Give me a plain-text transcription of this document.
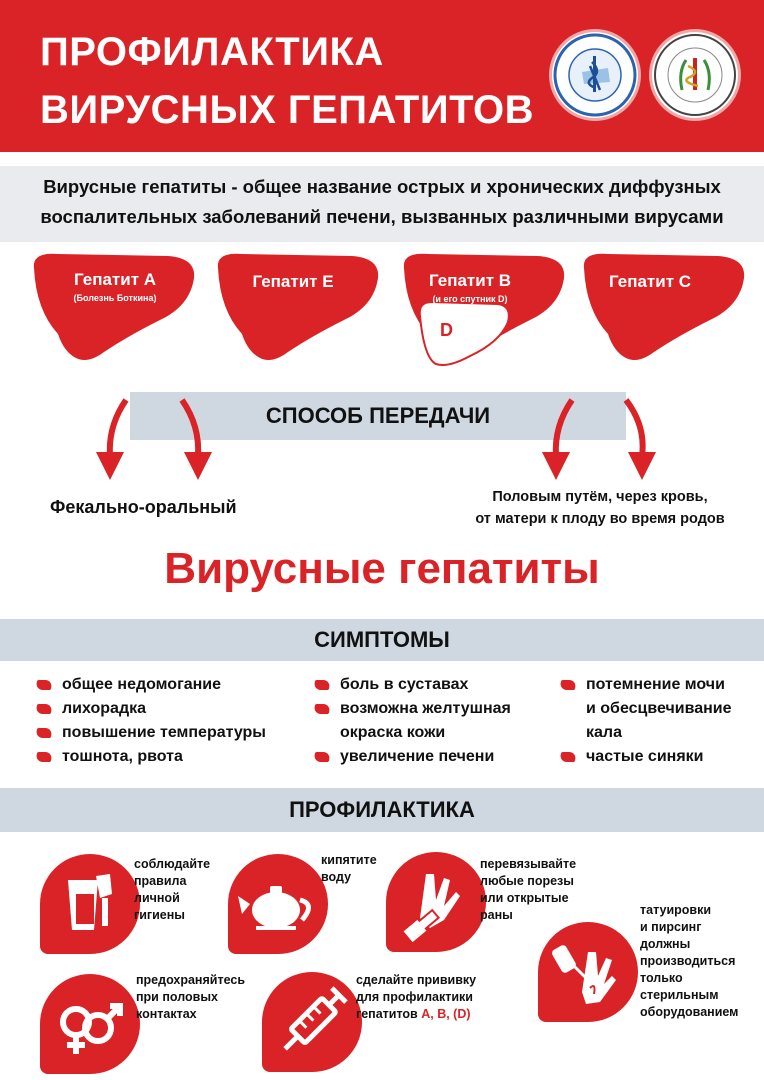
ПРОФИЛАКТИКА
ВИРУСНЫХ ГЕПАТИТОВ
Вирусные гепатиты - общее название острых и хронических диффузных
воспалительных заболеваний печени, вызванных различными вирусами
Гепатит А
(Болезнь Боткина)
Гепатит Е	Гепатит В
(и его спутник D)
D
Гепатит С
СПОСОБ ПЕРЕДАЧИ
Фекально-оральный	Половым путём, через кровь,
от матери к плоду во время родов
Вирусные гепатиты
СИМПТОМЫ
общее недомогание
лихорадка
повышение температуры
тошнота, рвота
боль в суставах
возможна желтушная
окраска кожи
увеличение печени
потемнение мочи
и обесцвечивание
кала
частые синяки
ПРОФИЛАКТИКА
соблюдайте
правила
личной
гигиены
кипятите
воду
перевязывайте
любые порезы
или открытые
раны	татуировки
и пирсинг
должны
производиться
только
стерильным
оборудованием
предохраняйтесь
при половых
контактах
сделайте прививку
для профилактики
гепатитов A, B, (D)
